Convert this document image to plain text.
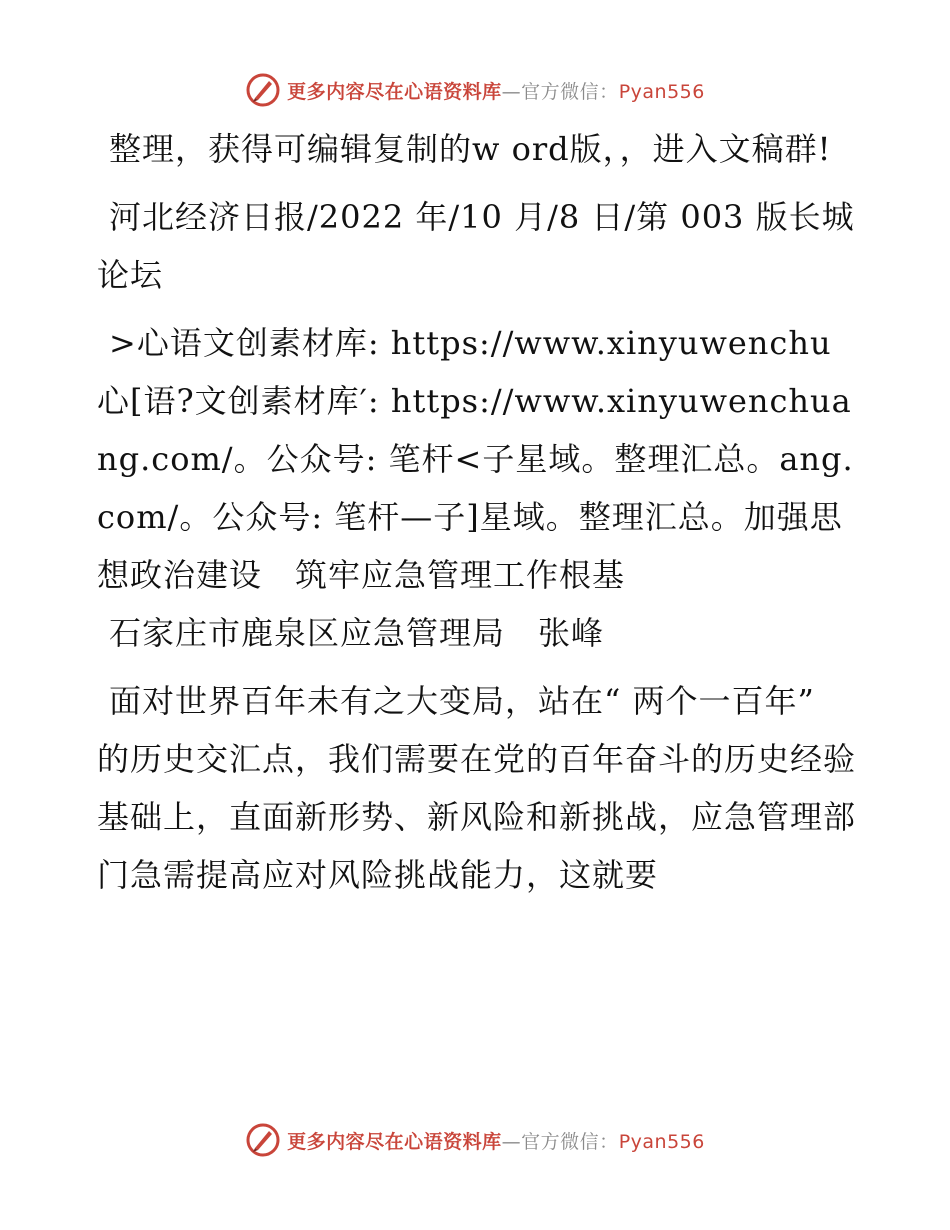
更多内容尽在心语资料库—官方微信：Pyan556

整理，获得可编辑复制的w ord版，，进入文稿群!

河北经济日报/2022 年/10 月/8 日/第 003 版长城论坛

>心语文创素材库: https://www.xinyuwenchu心[语?文创素材库′: https://www.xinyuwenchuang.com/。公众号: 笔杆<子星域。整理汇总。ang.com/。公众号: 笔杆—子]星域。整理汇总。加强思想政治建设　筑牢应急管理工作根基

石家庄市鹿泉区应急管理局　张峰

面对世界百年未有之大变局，站在“ 两个一百年” 的历史交汇点，我们需要在党的百年奋斗的历史经验基础上，直面新形势、新风险和新挑战，应急管理部门急需提高应对风险挑战能力，这就要

更多内容尽在心语资料库—官方微信：Pyan556
